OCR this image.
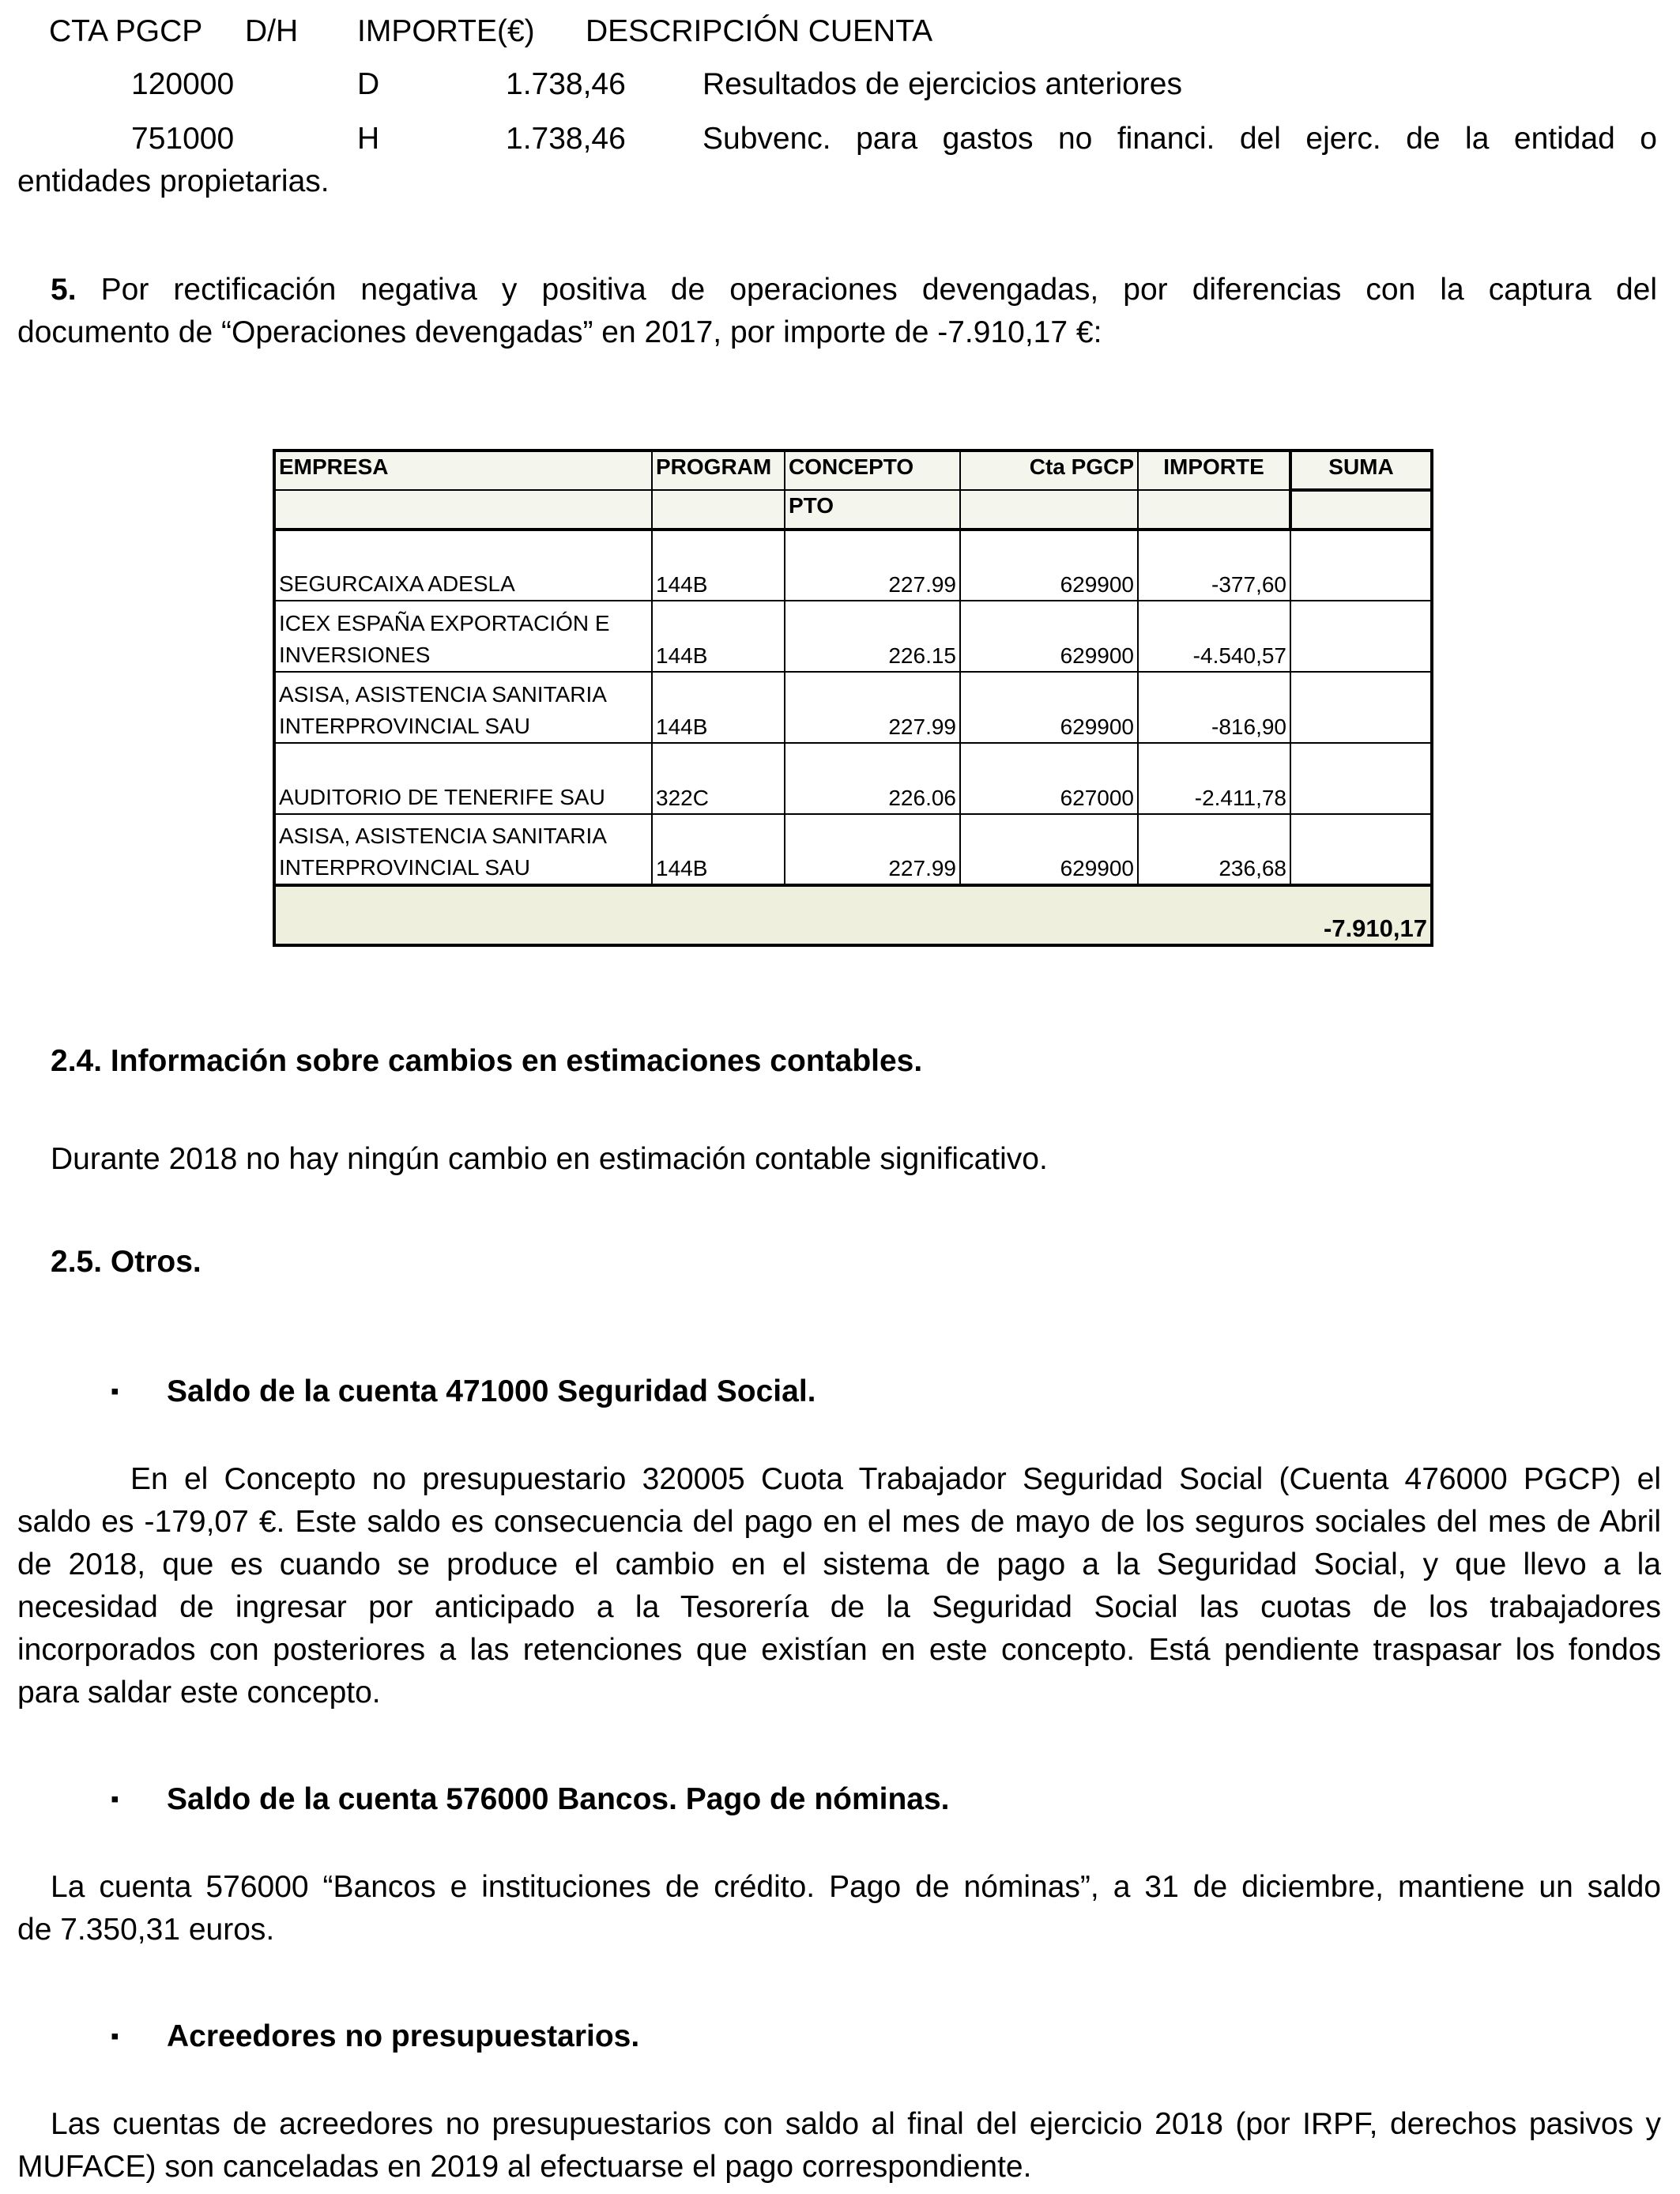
CTA PGCP D/H IMPORTE(€) DESCRIPCIÓN CUENTA
120000	D	1.738,46 Resultados de ejercicios anteriores
751000	H	1.738,46 Subvenc. para gastos no financi. del ejerc. de la entidad o
entidades propietarias.
5. Por rectificación negativa y positiva de operaciones devengadas, por diferencias con la captura del
documento de “Operaciones devengadas” en 2017, por importe de -7.910,17 €:
EMPRESA	PROGRAM	CONCEPTO	Cta PGCP	IMPORTE	SUMA
		PTO			

SEGURCAIXA ADESLA	144B	227.99	629900	-377,60	

ICEX ESPAÑA EXPORTACIÓN E
INVERSIONES	144B	226.15	629900	-4.540,57	

ASISA, ASISTENCIA SANITARIA
INTERPROVINCIAL SAU	144B	227.99	629900	-816,90	

AUDITORIO DE TENERIFE SAU	322C	226.06	627000	-2.411,78	

ASISA, ASISTENCIA SANITARIA
INTERPROVINCIAL SAU	144B	227.99	629900	236,68	
					-7.910,17
2.4. Información sobre cambios en estimaciones contables.
Durante 2018 no hay ningún cambio en estimación contable significativo.
2.5. Otros.
▪ Saldo de la cuenta 471000 Seguridad Social.
En el Concepto no presupuestario 320005 Cuota Trabajador Seguridad Social (Cuenta 476000 PGCP) el
saldo es -179,07 €. Este saldo es consecuencia del pago en el mes de mayo de los seguros sociales del mes de Abril
de 2018, que es cuando se produce el cambio en el sistema de pago a la Seguridad Social, y que llevo a la
necesidad de ingresar por anticipado a la Tesorería de la Seguridad Social las cuotas de los trabajadores
incorporados con posteriores a las retenciones que existían en este concepto. Está pendiente traspasar los fondos
para saldar este concepto.
▪ Saldo de la cuenta 576000 Bancos. Pago de nóminas.
La cuenta 576000 “Bancos e instituciones de crédito. Pago de nóminas”, a 31 de diciembre, mantiene un saldo
de 7.350,31 euros.
▪ Acreedores no presupuestarios.
Las cuentas de acreedores no presupuestarios con saldo al final del ejercicio 2018 (por IRPF, derechos pasivos y
MUFACE) son canceladas en 2019 al efectuarse el pago correspondiente.
